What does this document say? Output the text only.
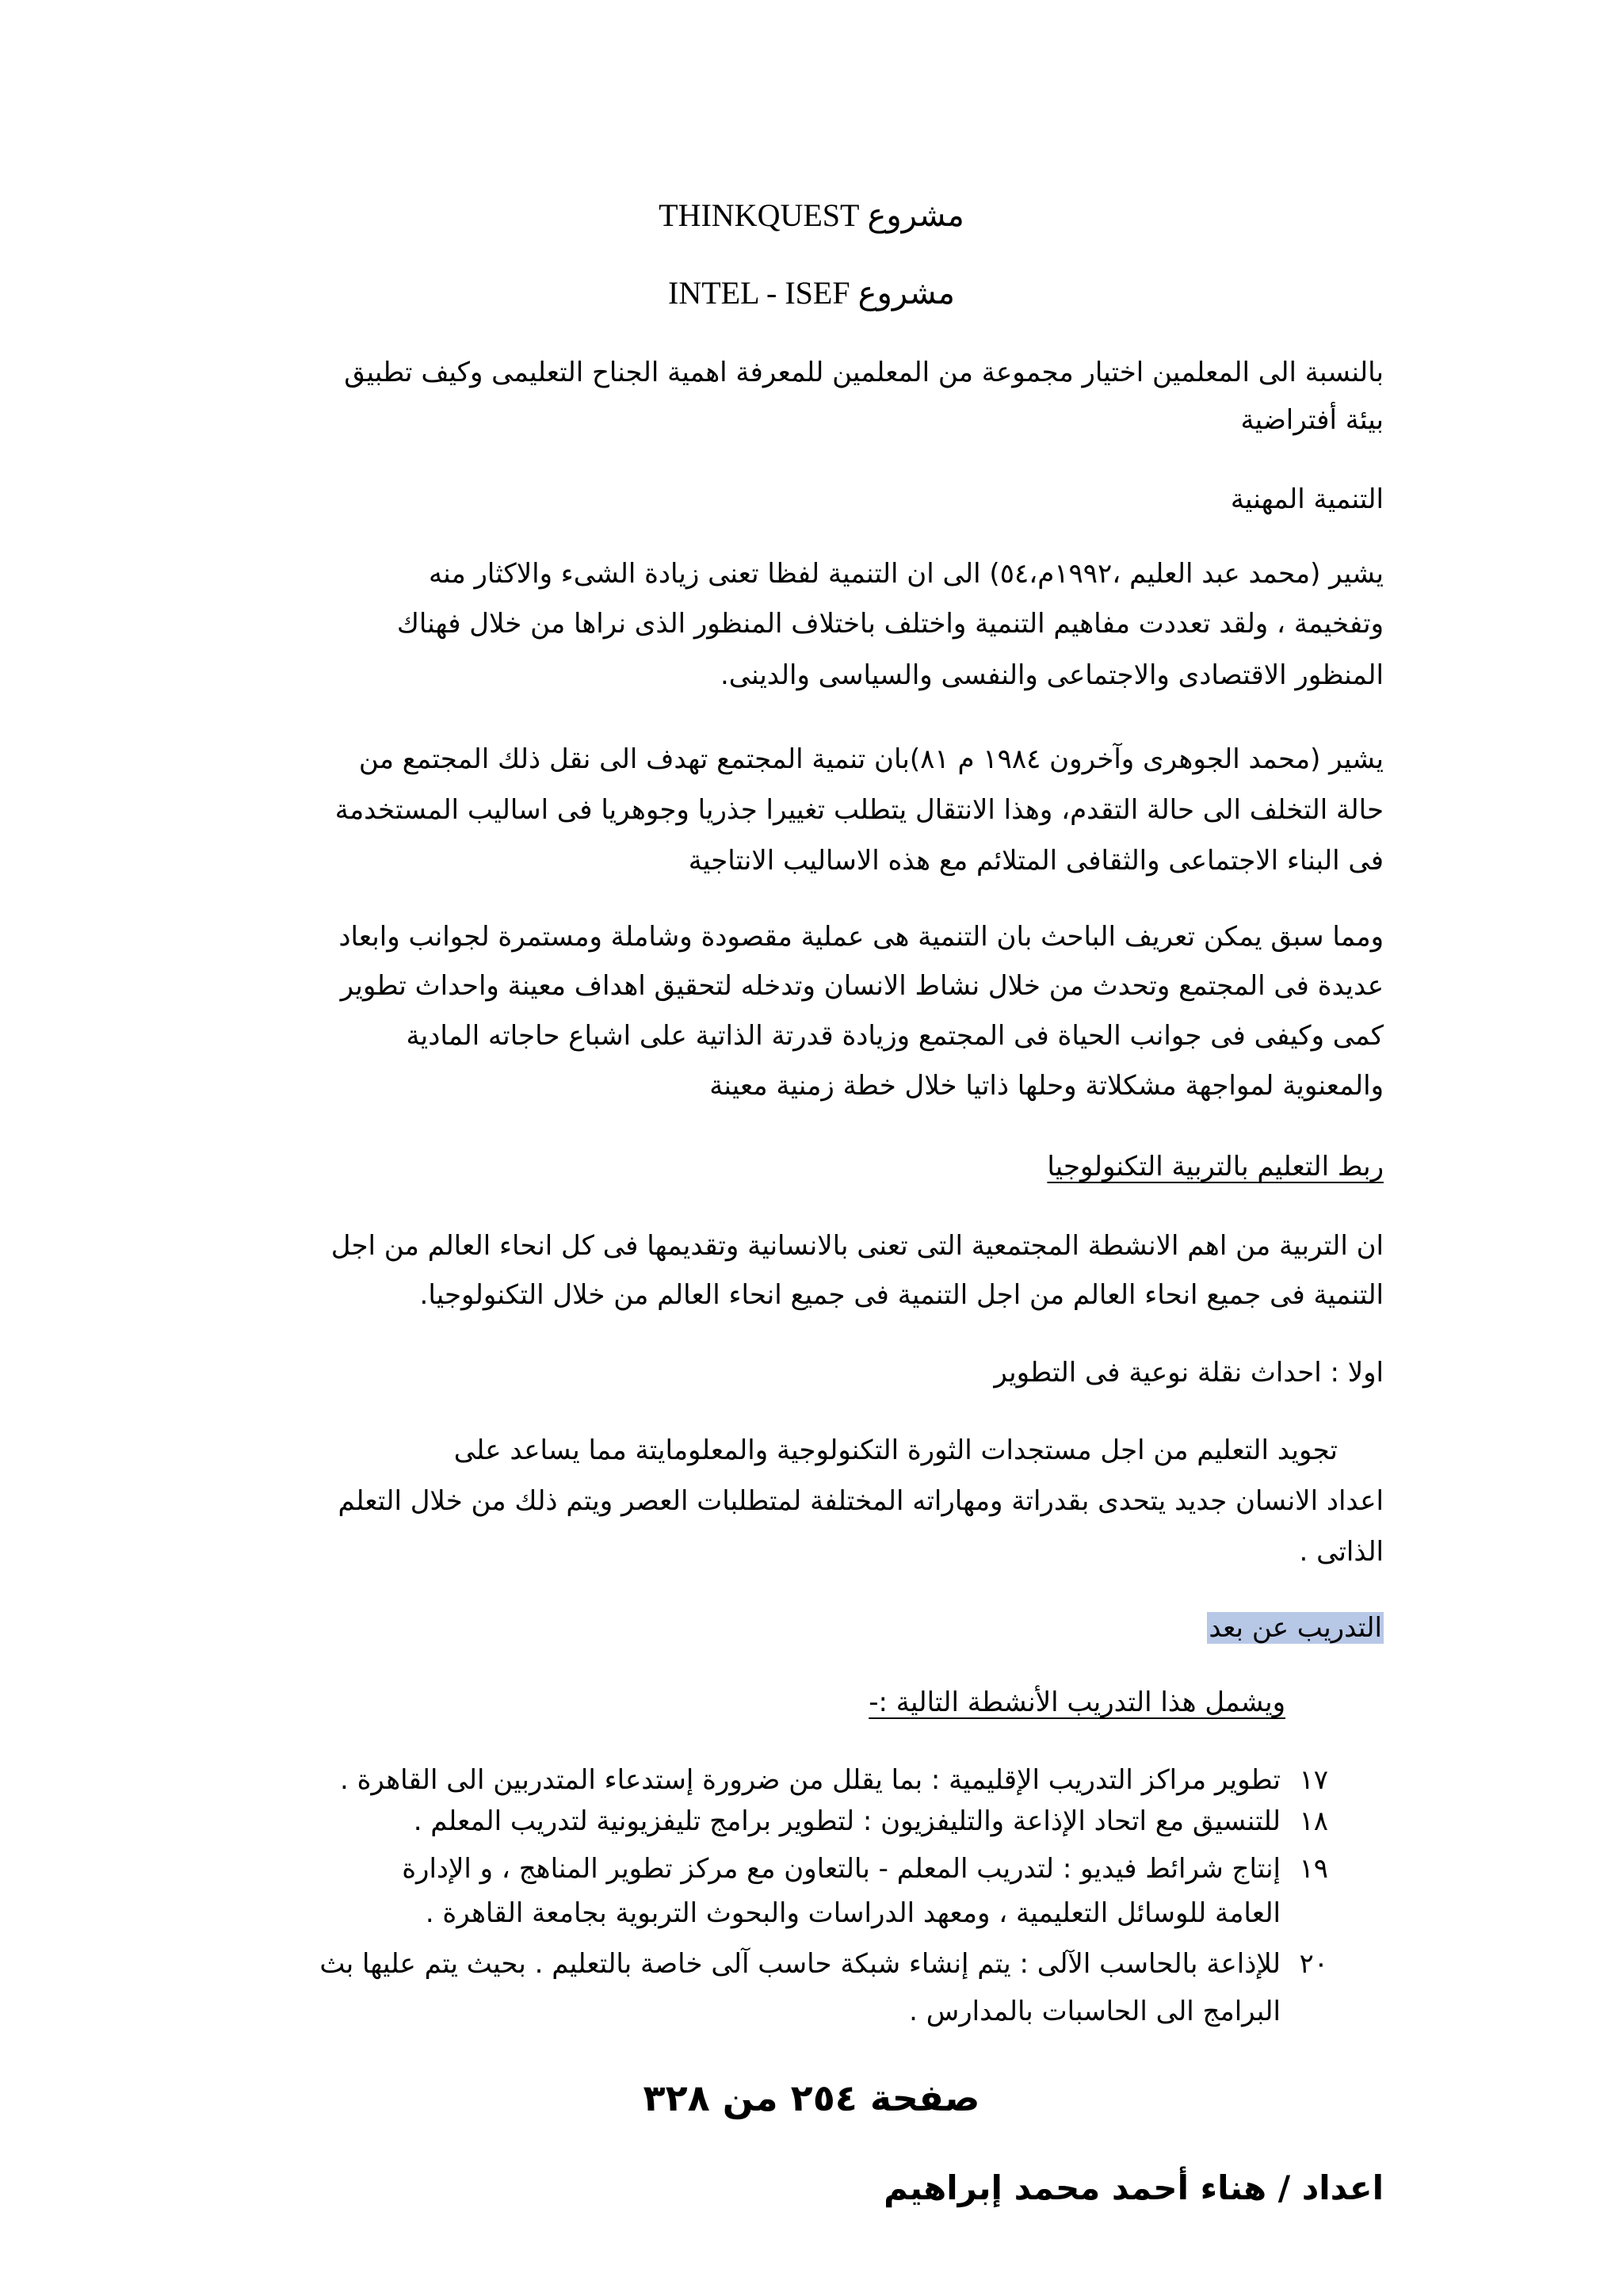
مشروع THINKQUEST
مشروع INTEL - ISEF
بالنسبة الى المعلمين اختيار مجموعة من المعلمين للمعرفة اهمية الجناح التعليمى وكيف تطبيق
بيئة أفتراضية
التنمية المهنية
يشير (محمد عبد العليم ،١٩٩٢م،٥٤) الى ان التنمية لفظا تعنى زيادة الشىء والاكثار منه
وتفخيمة ، ولقد تعددت مفاهيم التنمية واختلف باختلاف المنظور الذى نراها من خلال فهناك
المنظور الاقتصادى والاجتماعى والنفسى والسياسى والدينى.
يشير (محمد الجوهرى وآخرون ١٩٨٤ م ٨١)بان تنمية المجتمع تهدف الى نقل ذلك المجتمع من
حالة التخلف الى حالة التقدم، وهذا الانتقال يتطلب تغييرا جذريا وجوهريا فى اساليب المستخدمة
فى البناء الاجتماعى والثقافى المتلائم مع هذه الاساليب الانتاجية
ومما سبق يمكن تعريف الباحث بان التنمية هى عملية مقصودة وشاملة ومستمرة لجوانب وابعاد
عديدة فى المجتمع وتحدث من خلال نشاط الانسان وتدخله لتحقيق اهداف معينة واحداث تطوير
كمى وكيفى فى جوانب الحياة فى المجتمع وزيادة قدرتة الذاتية على اشباع حاجاته المادية
والمعنوية لمواجهة مشكلاتة وحلها ذاتيا خلال خطة زمنية معينة
ربط التعليم بالتربية التكنولوجيا
ان التربية من اهم الانشطة المجتمعية التى تعنى بالانسانية وتقديمها فى كل انحاء العالم من اجل
التنمية فى جميع انحاء العالم من اجل التنمية فى جميع انحاء العالم من خلال التكنولوجيا.
اولا : احداث نقلة نوعية فى التطوير
تجويد التعليم من اجل مستجدات الثورة التكنولوجية والمعلومايتة مما يساعد على
اعداد الانسان جديد يتحدى بقدراتة ومهاراته المختلفة لمتطلبات العصر ويتم ذلك من خلال التعلم
الذاتى .
التدريب عن بعد
ويشمل هذا التدريب الأنشطة التالية :-
١٧
تطوير مراكز التدريب الإقليمية : بما يقلل من ضرورة إستدعاء المتدربين الى القاهرة .
١٨
للتنسيق مع اتحاد الإذاعة والتليفزيون : لتطوير برامج تليفزيونية لتدريب المعلم .
١٩
إنتاج شرائط فيديو : لتدريب المعلم - بالتعاون مع مركز تطوير المناهج ، و الإدارة
العامة للوسائل التعليمية ، ومعهد الدراسات والبحوث التربوية بجامعة القاهرة .
٢٠
للإذاعة بالحاسب الآلى : يتم إنشاء شبكة حاسب آلى خاصة بالتعليم . بحيث يتم عليها بث
البرامج الى الحاسبات بالمدارس .
صفحة ٢٥٤ من ٣٢٨
اعداد / هناء أحمد محمد إبراهيم
